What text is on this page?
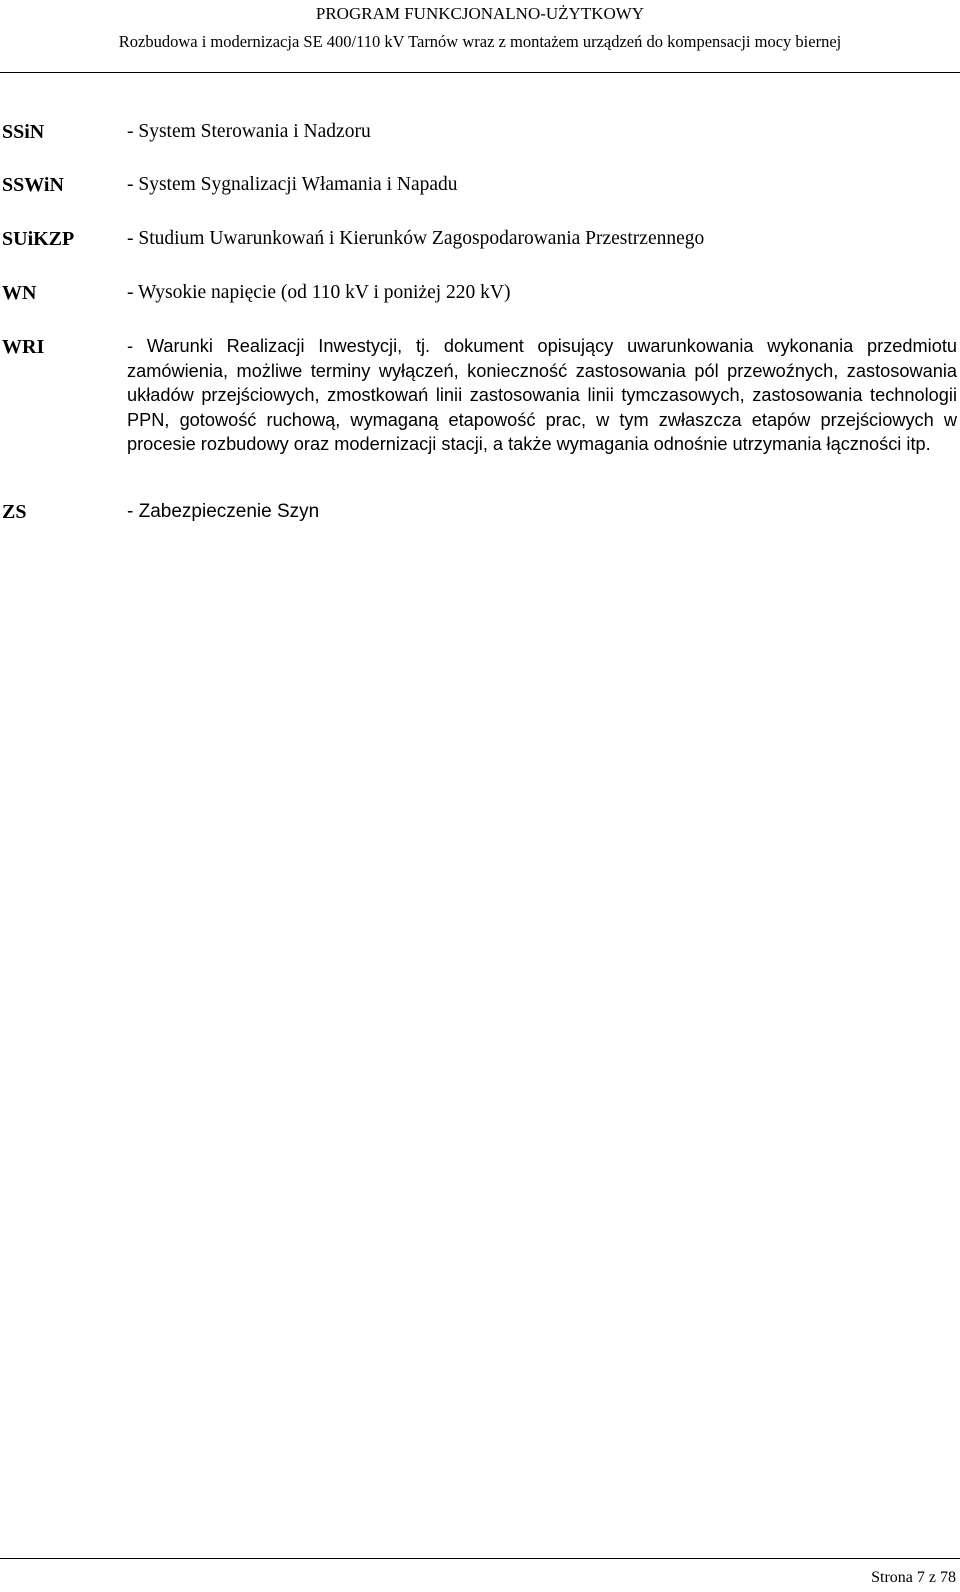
PROGRAM FUNKCJONALNO-UŻYTKOWY
Rozbudowa i modernizacja SE 400/110 kV Tarnów wraz z montażem urządzeń do kompensacji mocy biernej
SSiN	- System Sterowania i Nadzoru
SSWiN	- System Sygnalizacji Włamania i Napadu
SUiKZP	- Studium Uwarunkowań i Kierunków Zagospodarowania Przestrzennego
WN	- Wysokie napięcie (od 110 kV i poniżej 220 kV)
WRI	- Warunki Realizacji Inwestycji, tj. dokument opisujący uwarunkowania wykonania przedmiotu zamówienia, możliwe terminy wyłączeń, konieczność zastosowania pól przewoźnych, zastosowania układów przejściowych, zmostkowań linii zastosowania linii tymczasowych, zastosowania technologii PPN, gotowość ruchową, wymaganą etapowość prac, w tym zwłaszcza etapów przejściowych w procesie rozbudowy oraz modernizacji stacji, a także wymagania odnośnie utrzymania łączności itp.
ZS	- Zabezpieczenie Szyn
Strona 7 z 78
